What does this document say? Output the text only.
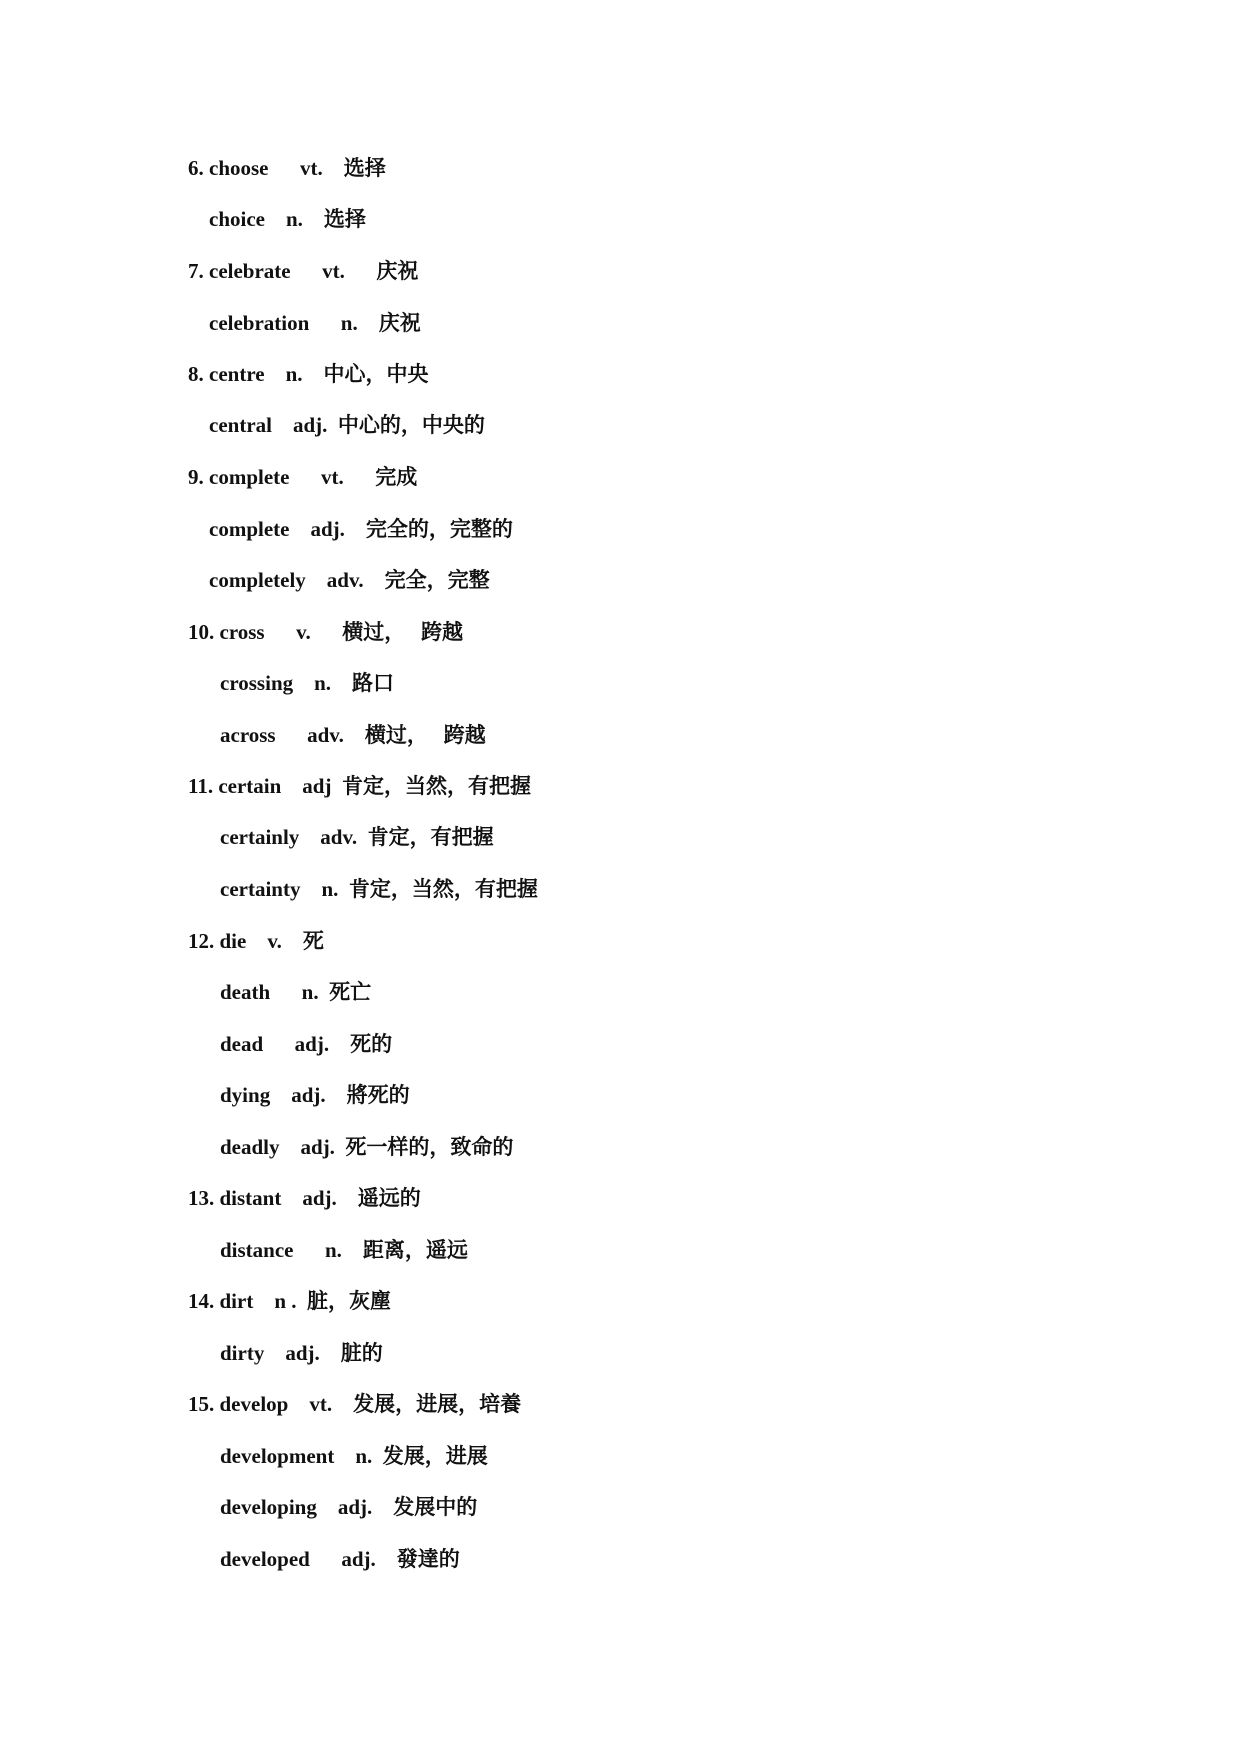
6. choose      vt.    选择
choice    n.    选择
7. celebrate      vt.      庆祝
celebration      n.    庆祝
8. centre    n.    中心，中央
central    adj.  中心的，中央的
9. complete      vt.      完成
complete    adj.    完全的，完整的
completely    adv.    完全，完整
10. cross      v.      横过，   跨越
crossing    n.    路口
across      adv.    横过，   跨越
11. certain    adj  肯定，当然，有把握
certainly    adv.  肯定，有把握
certainty    n.  肯定，当然，有把握
12. die    v.    死
death      n.  死亡
dead      adj.    死的
dying    adj.    將死的
deadly    adj.  死一样的，致命的
13. distant    adj.    遥远的
distance      n.    距离，遥远
14. dirt    n .  脏，灰塵
dirty    adj.    脏的
15. develop    vt.    发展，进展，培養
development    n.  发展，进展
developing    adj.    发展中的
developed      adj.    發達的
